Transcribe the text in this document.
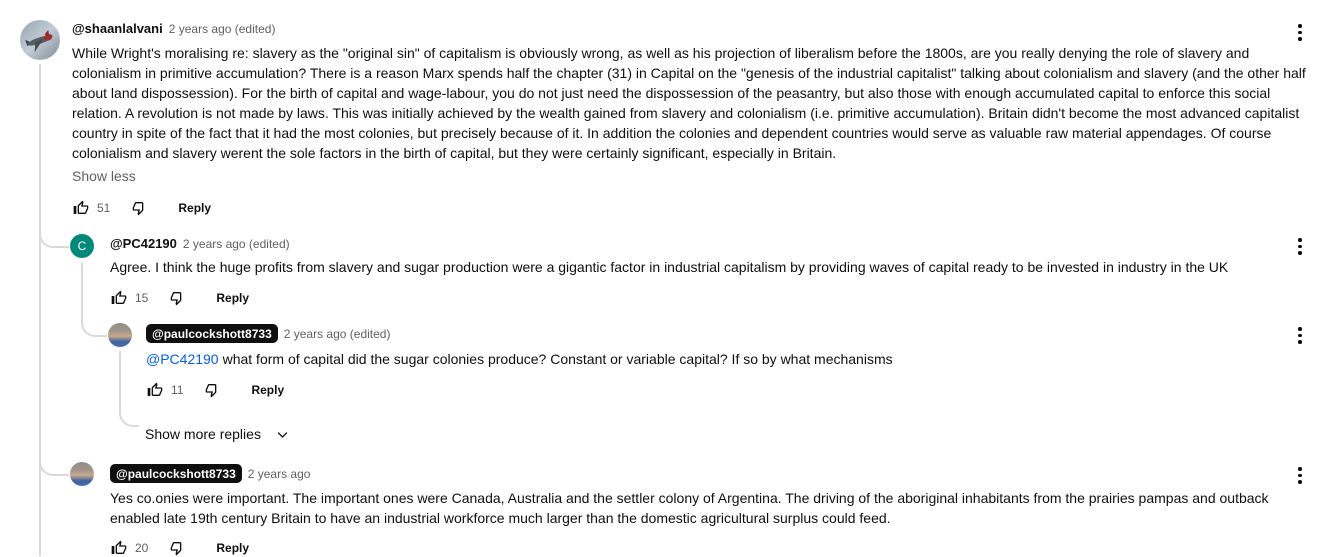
@shaanlalvani 2 years ago (edited)
While Wright's moralising re: slavery as the "original sin" of capitalism is obviously wrong, as well as his projection of liberalism before the 1800s, are you really denying the role of slavery and colonialism in primitive accumulation? There is a reason Marx spends half the chapter (31) in Capital on the "genesis of the industrial capitalist" talking about colonialism and slavery (and the other half about land dispossession). For the birth of capital and wage-labour, you do not just need the dispossession of the peasantry, but also those with enough accumulated capital to enforce this social relation. A revolution is not made by laws. This was initially achieved by the wealth gained from slavery and colonialism (i.e. primitive accumulation). Britain didn't become the most advanced capitalist country in spite of the fact that it had the most colonies, but precisely because of it. In addition the colonies and dependent countries would serve as valuable raw material appendages. Of course colonialism and slavery werent the sole factors in the birth of capital, but they were certainly significant, especially in Britain.
Show less
51	Reply
C @PC42190 2 years ago (edited)
Agree. I think the huge profits from slavery and sugar production were a gigantic factor in industrial capitalism by providing waves of capital ready to be invested in industry in the UK
15	Reply
@paulcockshott8733	2 years ago (edited)
@PC42190 what form of capital did the sugar colonies produce? Constant or variable capital? If so by what mechanisms
11	Reply
Show more replies
@paulcockshott8733	2 years ago
Yes co.onies were important. The important ones were Canada, Australia and the settler colony of Argentina. The driving of the aboriginal inhabitants from the prairies pampas and outback enabled late 19th century Britain to have an industrial workforce much larger than the domestic agricultural surplus could feed.
20	Reply
